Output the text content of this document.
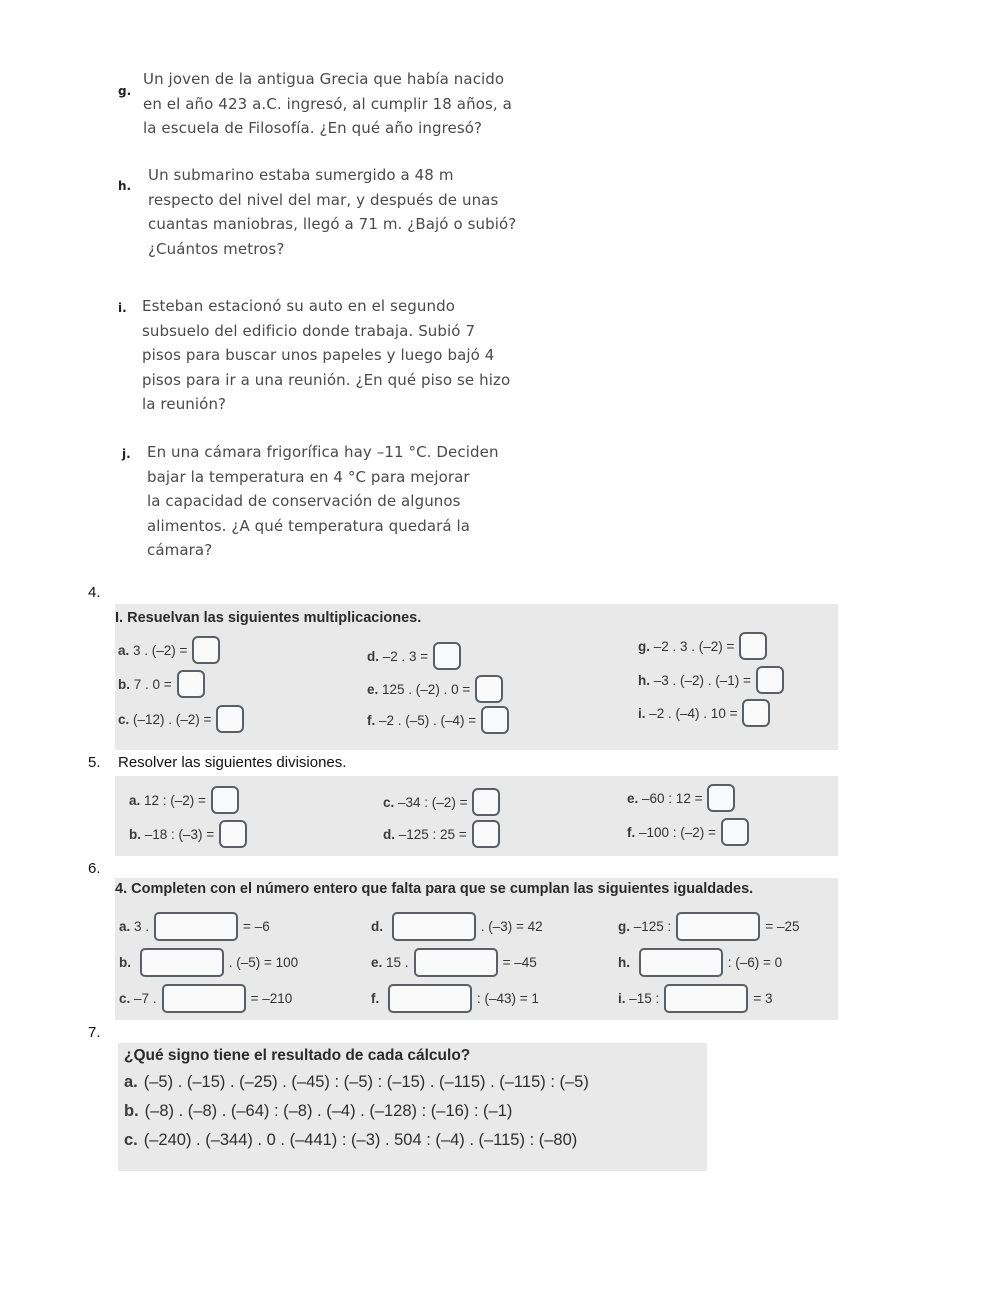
g.
Un joven de la antigua Grecia que había nacido
en el año 423 a.C. ingresó, al cumplir 18 años, a
la escuela de Filosofía. ¿En qué año ingresó?
h.
Un submarino estaba sumergido a 48 m
respecto del nivel del mar, y después de unas
cuantas maniobras, llegó a 71 m. ¿Bajó o subió?
¿Cuántos metros?
i. Esteban estacionó su auto en el segundo
subsuelo del edificio donde trabaja. Subió 7
pisos para buscar unos papeles y luego bajó 4
pisos para ir a una reunión. ¿En qué piso se hizo
la reunión?
j. En una cámara frigorífica hay –11 °C. Deciden
bajar la temperatura en 4 °C para mejorar
la capacidad de conservación de algunos
alimentos. ¿A qué temperatura quedará la
cámara?
4.
I. Resuelvan las siguientes multiplicaciones.
a.
3 . (–2) =
b.
7 . 0 =
c.
(–12) . (–2) =
d.
–2 . 3 =
e.
125 . (–2) . 0 =
f.
–2 . (–5) . (–4) =
g.
–2 . 3 . (–2) =
h.
–3 . (–2) . (–1) =
i.
–2 . (–4) . 10 =
5. Resolver las siguientes divisiones.
a.
12 : (–2) =
b.
–18 : (–3) =
c.
–34 : (–2) =
d.
–125 : 25 =
e.
–60 : 12 =
f.
–100 : (–2) =
6.
4. Completen con el número entero que falta para que se cumplan las siguientes igualdades.
a.
3 .	= –6
b.
	. (–5) = 100
c.
–7 .	= –210
d.
	. (–3) = 42
e.
15 .	= –45
f.
	: (–43) = 1
g.
–125 :	= –25
h.
	: (–6) = 0
i.
–15 :	= 3
7.
¿Qué signo tiene el resultado de cada cálculo?
a. (–5) . (–15) . (–25) . (–45) : (–5) : (–15) . (–115) . (–115) : (–5)
b. (–8) . (–8) . (–64) : (–8) . (–4) . (–128) : (–16) : (–1)
c. (–240) . (–344) . 0 . (–441) : (–3) . 504 : (–4) . (–115) : (–80)
